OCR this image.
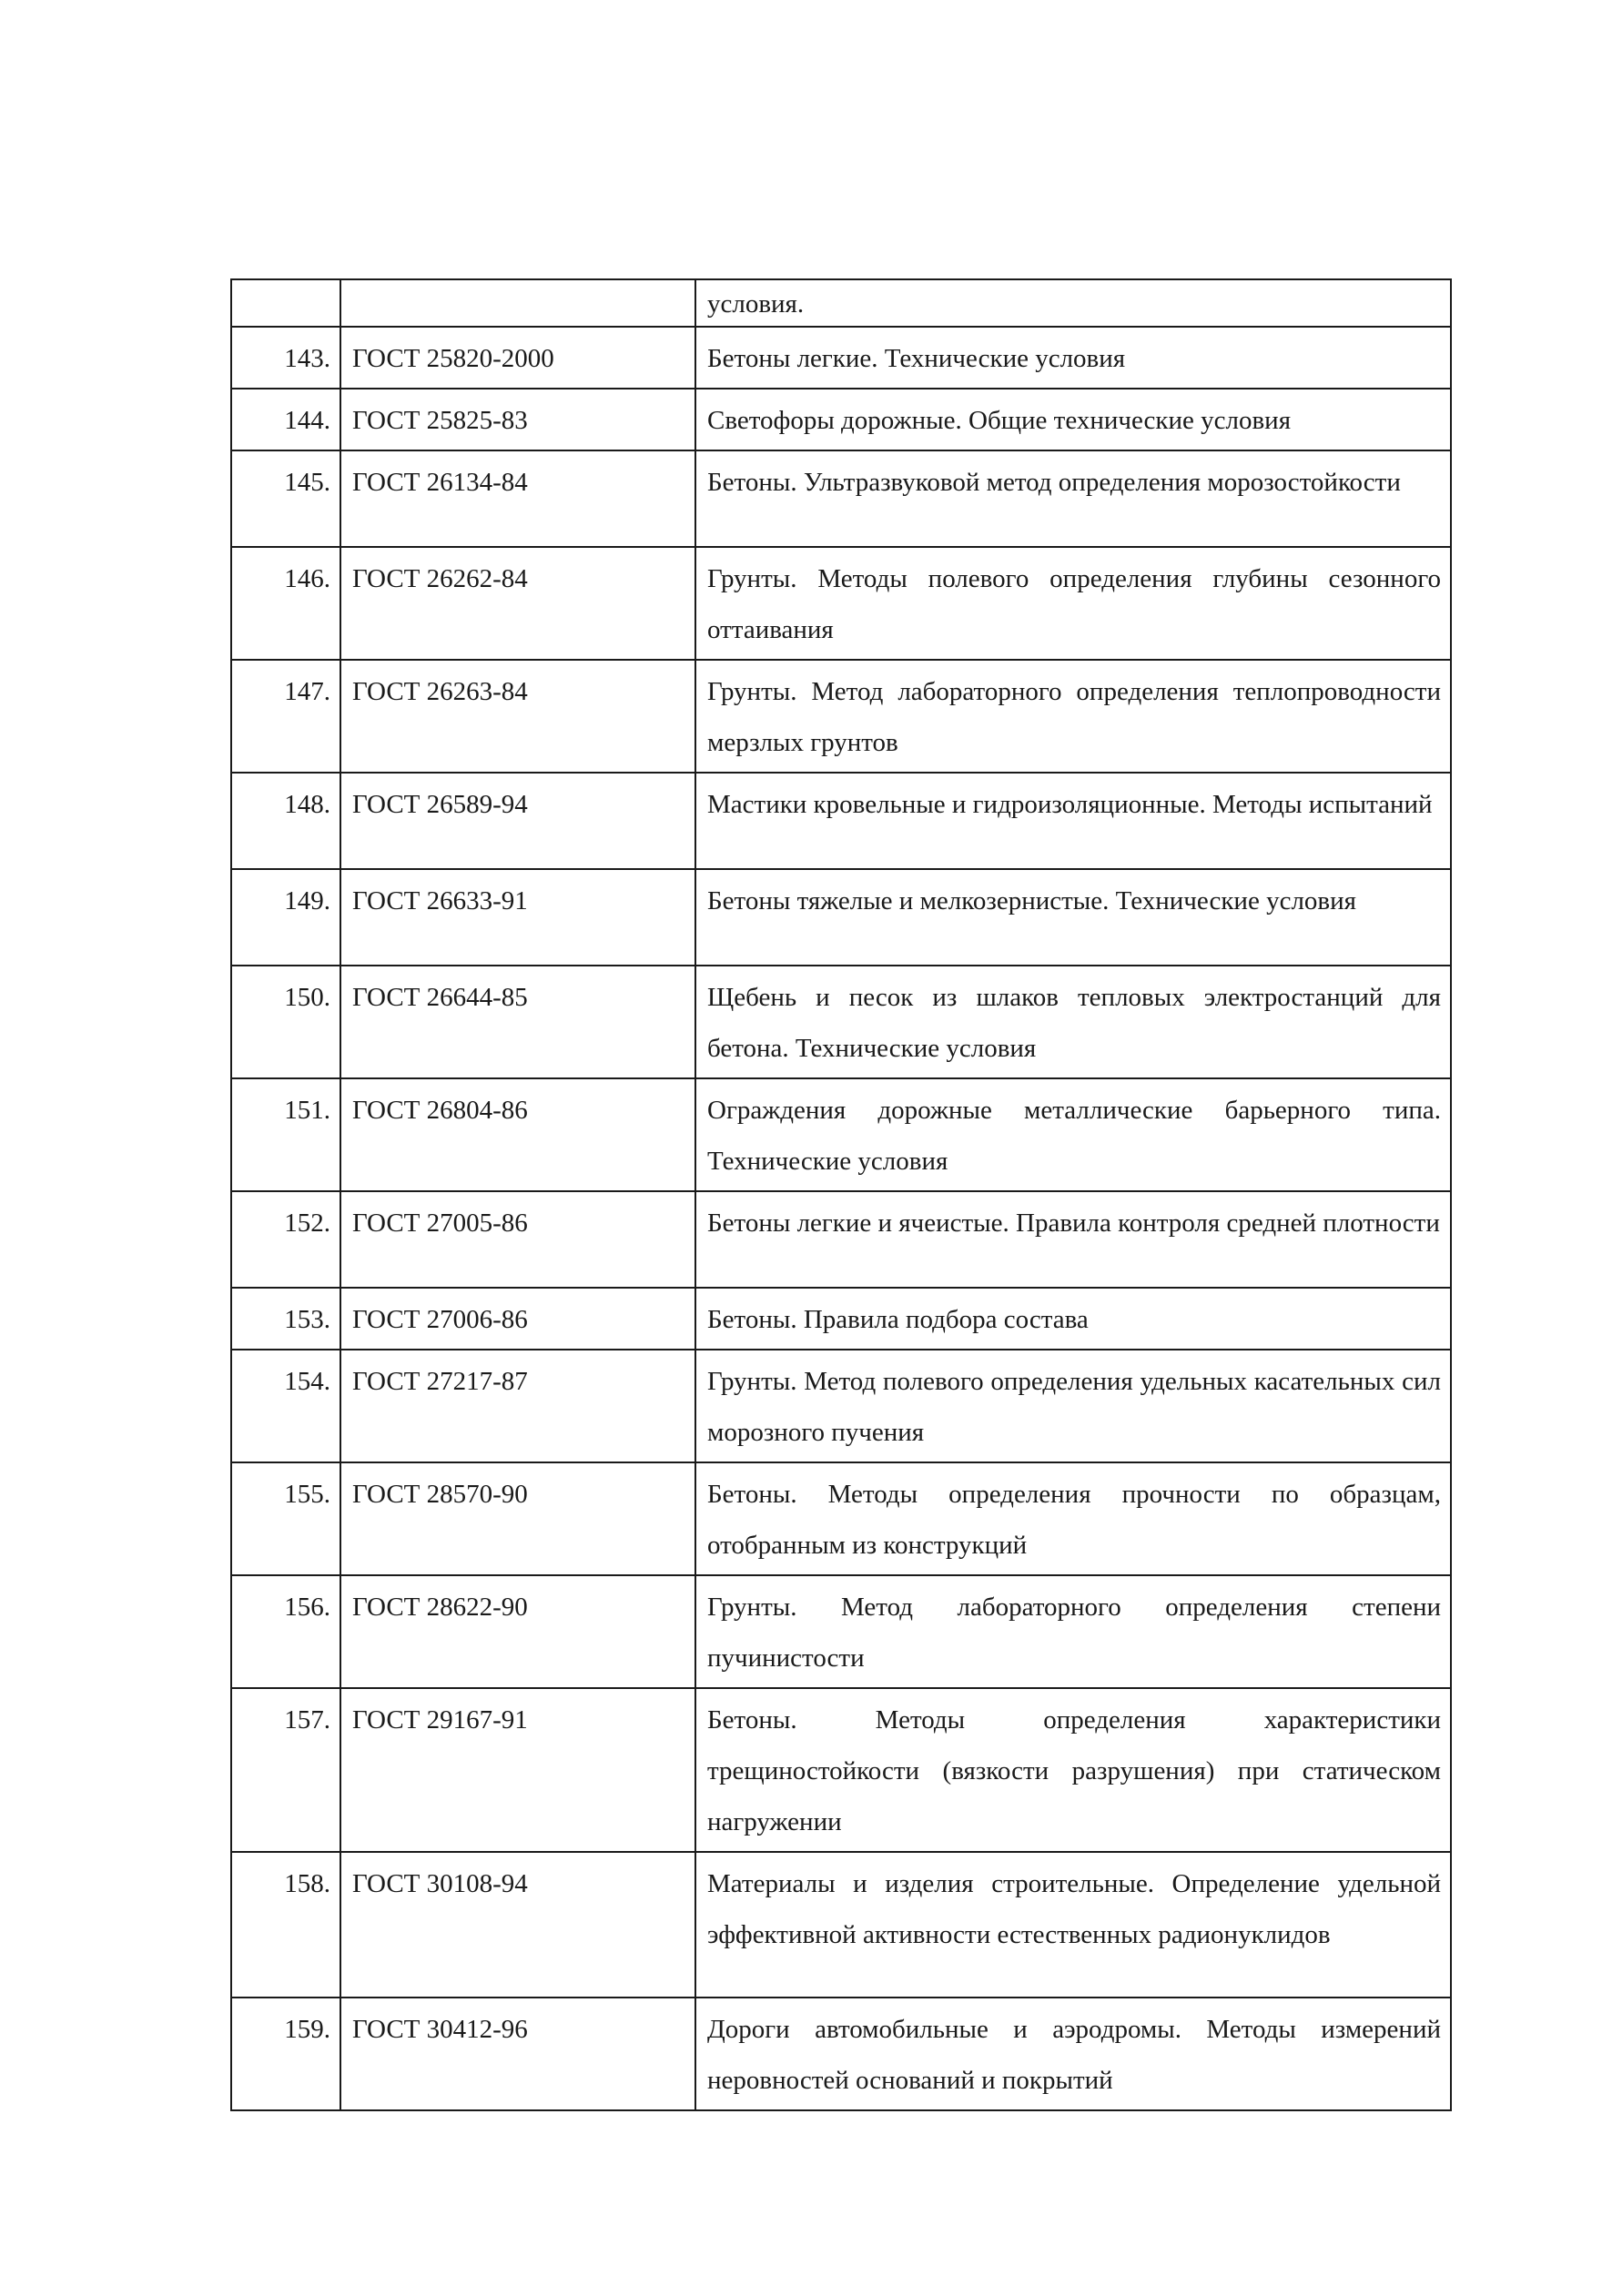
		условия.
143.	ГОСТ 25820-2000	Бетоны легкие. Технические условия
144.	ГОСТ 25825-83	Светофоры дорожные. Общие технические условия
145.	ГОСТ 26134-84	Бетоны. Ультразвуковой метод определения морозостойкости
146.	ГОСТ 26262-84	Грунты. Методы полевого определения глубины сезонного оттаивания
147.	ГОСТ 26263-84	Грунты. Метод лабораторного определения теплопроводности мерзлых грунтов
148.	ГОСТ 26589-94	Мастики кровельные и гидроизоляционные. Методы испытаний
149.	ГОСТ 26633-91	Бетоны тяжелые и мелкозернистые. Технические условия
150.	ГОСТ 26644-85	Щебень и песок из шлаков тепловых электростанций для бетона. Технические условия
151.	ГОСТ 26804-86	Ограждения дорожные металлические барьерного типа. Технические условия
152.	ГОСТ 27005-86	Бетоны легкие и ячеистые. Правила контроля средней плотности
153.	ГОСТ 27006-86	Бетоны. Правила подбора состава
154.	ГОСТ 27217-87	Грунты. Метод полевого определения удельных касательных сил морозного пучения
155.	ГОСТ 28570-90	Бетоны. Методы определения прочности по образцам, отобранным из конструкций
156.	ГОСТ 28622-90	Грунты. Метод лабораторного определения степени пучинистости
157.	ГОСТ 29167-91	Бетоны. Методы определения характеристики трещиностойкости (вязкости разрушения) при статическом нагружении
158.	ГОСТ 30108-94	Материалы и изделия строительные. Определение удельной эффективной активности естественных радионуклидов
159.	ГОСТ 30412-96	Дороги автомобильные и аэродромы. Методы измерений неровностей оснований и покрытий
